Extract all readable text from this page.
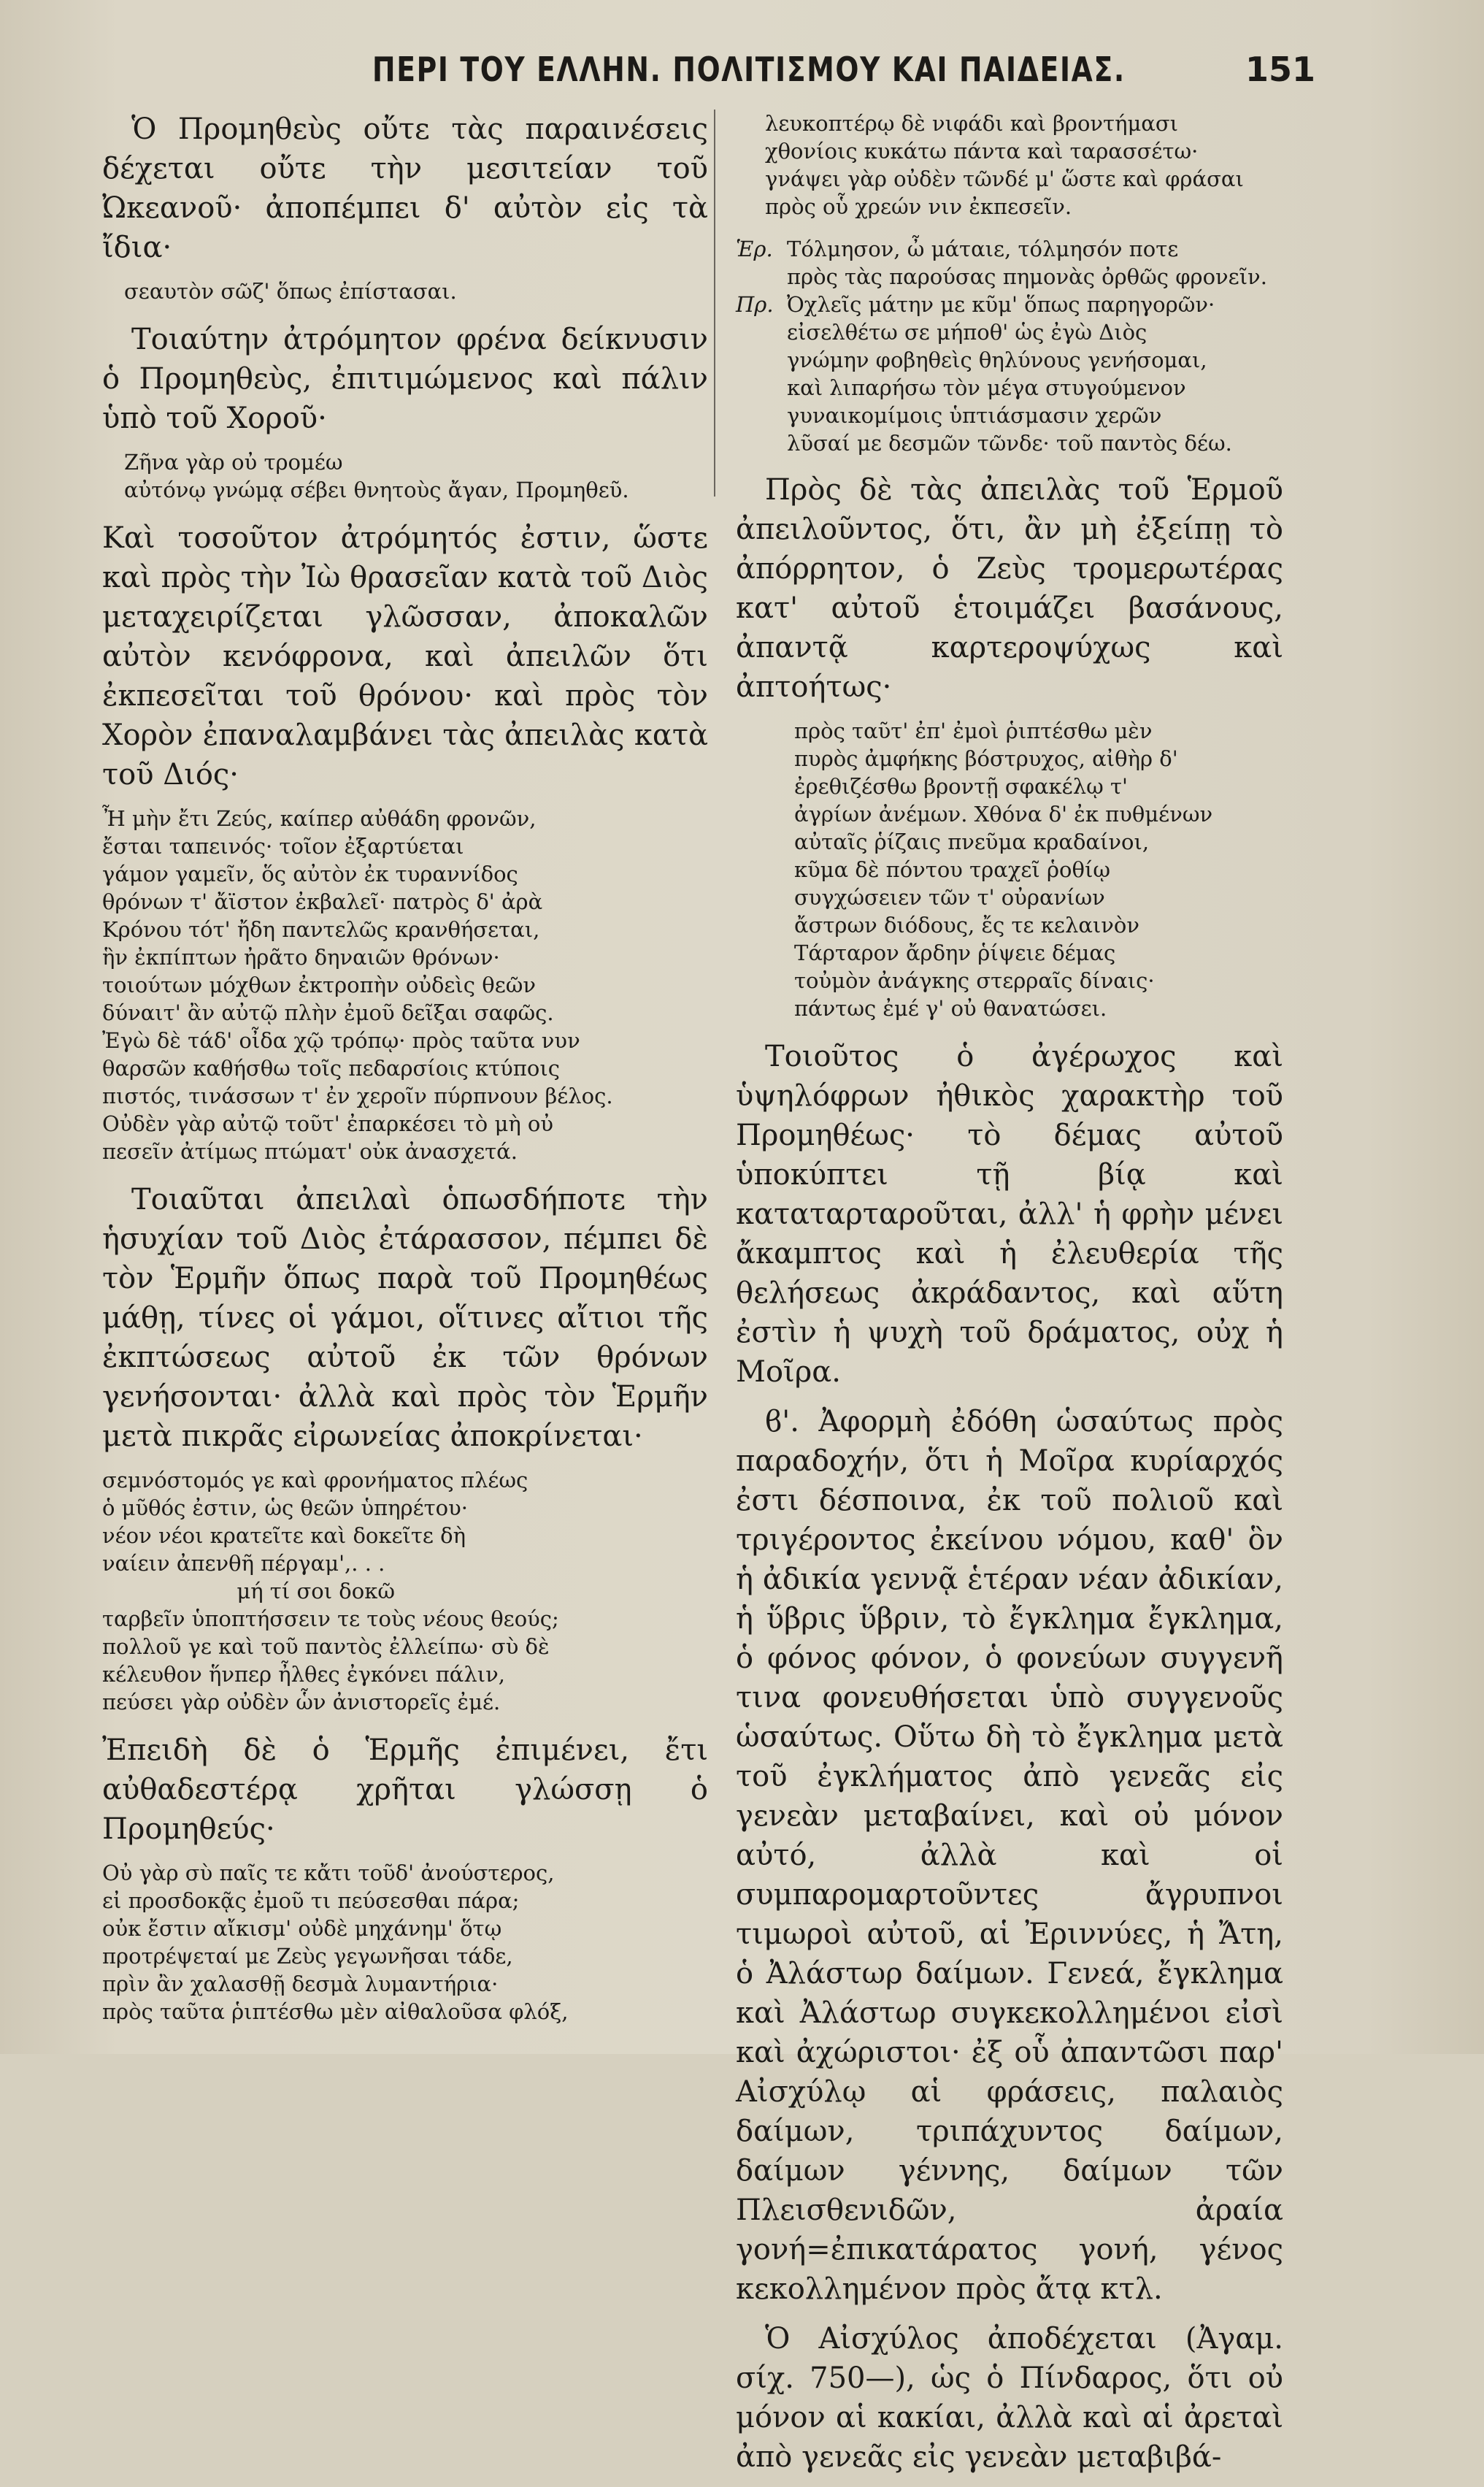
ΠΕΡΙ ΤΟΥ ΕΛΛΗΝ. ΠΟΛΙΤΙΣΜΟΥ ΚΑΙ ΠΑΙΔΕΙΑΣ.	151

Ὁ Προμηθεὺς οὔτε τὰς παραινέσεις δέχεται οὔτε τὴν μεσιτείαν τοῦ Ὠκεανοῦ· ἀποπέμπει δ' αὐτὸν εἰς τὰ ἴδια·

σεαυτὸν σῶζ' ὅπως ἐπίστασαι.

Τοιαύτην ἀτρόμητον φρένα δείκνυσιν ὁ Προμηθεὺς, ἐπιτιμώμενος καὶ πάλιν ὑπὸ τοῦ Χοροῦ·

Ζῆνα γὰρ οὐ τρομέω
αὐτόνῳ γνώμᾳ σέβει θνητοὺς ἄγαν, Προμηθεῦ.

Καὶ τοσοῦτον ἀτρόμητός ἐστιν, ὥστε καὶ πρὸς τὴν Ἰὼ θρασεῖαν κατὰ τοῦ Διὸς μεταχειρίζεται γλῶσσαν, ἀποκαλῶν αὐτὸν κενόφρονα, καὶ ἀπειλῶν ὅτι ἐκπεσεῖται τοῦ θρόνου· καὶ πρὸς τὸν Χορὸν ἐπαναλαμβάνει τὰς ἀπειλὰς κατὰ τοῦ Διός·

Ἦ μὴν ἔτι Ζεύς, καίπερ αὐθάδη φρονῶν,
ἔσται ταπεινός· τοῖον ἐξαρτύεται
γάμον γαμεῖν, ὅς αὐτὸν ἐκ τυραννίδος
θρόνων τ' ἄϊστον ἐκβαλεῖ· πατρὸς δ' ἀρὰ
Κρόνου τότ' ἤδη παντελῶς κρανθήσεται,
ἣν ἐκπίπτων ἠρᾶτο δηναιῶν θρόνων·
τοιούτων μόχθων ἐκτροπὴν οὐδεὶς θεῶν
δύναιτ' ἂν αὐτῷ πλὴν ἐμοῦ δεῖξαι σαφῶς.
Ἐγὼ δὲ τάδ' οἶδα χῷ τρόπῳ· πρὸς ταῦτα νυν
θαρσῶν καθήσθω τοῖς πεδαρσίοις κτύποις
πιστός, τινάσσων τ' ἐν χεροῖν πύρπνουν βέλος.
Οὐδὲν γὰρ αὐτῷ τοῦτ' ἐπαρκέσει τὸ μὴ οὐ
πεσεῖν ἀτίμως πτώματ' οὐκ ἀνασχετά.

Τοιαῦται ἀπειλαὶ ὁπωσδήποτε τὴν ἡσυχίαν τοῦ Διὸς ἐτάρασσον, πέμπει δὲ τὸν Ἑρμῆν ὅπως παρὰ τοῦ Προμηθέως μάθῃ, τίνες οἱ γάμοι, οἵτινες αἴτιοι τῆς ἐκπτώσεως αὐτοῦ ἐκ τῶν θρόνων γενήσονται· ἀλλὰ καὶ πρὸς τὸν Ἑρμῆν μετὰ πικρᾶς εἰρωνείας ἀποκρίνεται·

σεμνόστομός γε καὶ φρονήματος πλέως
ὁ μῦθός ἐστιν, ὡς θεῶν ὑπηρέτου·
νέον νέοι κρατεῖτε καὶ δοκεῖτε δὴ
ναίειν ἀπενθῆ πέργαμ',. . .
μή τί σοι δοκῶ
ταρβεῖν ὑποπτήσσειν τε τοὺς νέους θεούς;
πολλοῦ γε καὶ τοῦ παντὸς ἐλλείπω· σὺ δὲ
κέλευθον ἥνπερ ἦλθες ἐγκόνει πάλιν,
πεύσει γὰρ οὐδὲν ὧν ἀνιστορεῖς ἐμέ.

Ἐπειδὴ δὲ ὁ Ἑρμῆς ἐπιμένει, ἔτι αὐθαδεστέρᾳ χρῆται γλώσσῃ ὁ Προμηθεύς·

Οὐ γὰρ σὺ παῖς τε κἄτι τοῦδ' ἀνούστερος,
εἰ προσδοκᾷς ἐμοῦ τι πεύσεσθαι πάρα;
οὐκ ἔστιν αἴκισμ' οὐδὲ μηχάνημ' ὅτῳ
προτρέψεταί με Ζεὺς γεγωνῆσαι τάδε,
πρὶν ἂν χαλασθῇ δεσμὰ λυμαντήρια·
πρὸς ταῦτα ῥιπτέσθω μὲν αἰθαλοῦσα φλόξ,
λευκοπτέρῳ δὲ νιφάδι καὶ βροντήμασι
χθονίοις κυκάτω πάντα καὶ ταρασσέτω·
γνάψει γὰρ οὐδὲν τῶνδέ μ' ὥστε καὶ φράσαι
πρὸς οὗ χρεών νιν ἐκπεσεῖν.
Ἑρ. Τόλμησον, ὦ μάταιε, τόλμησόν ποτε
πρὸς τὰς παρούσας πημονὰς ὀρθῶς φρονεῖν.
Πρ. Ὀχλεῖς μάτην με κῦμ' ὅπως παρηγορῶν·
εἰσελθέτω σε μήποθ' ὡς ἐγὼ Διὸς
γνώμην φοβηθεὶς θηλύνους γενήσομαι,
καὶ λιπαρήσω τὸν μέγα στυγούμενον
γυναικομίμοις ὑπτιάσμασιν χερῶν
λῦσαί με δεσμῶν τῶνδε· τοῦ παντὸς δέω.

Πρὸς δὲ τὰς ἀπειλὰς τοῦ Ἑρμοῦ ἀπειλοῦντος, ὅτι, ἂν μὴ ἐξείπῃ τὸ ἀπόρρητον, ὁ Ζεὺς τρομερωτέρας κατ' αὐτοῦ ἑτοιμάζει βασάνους, ἀπαντᾷ καρτεροψύχως καὶ ἀπτοήτως·

πρὸς ταῦτ' ἐπ' ἐμοὶ ῥιπτέσθω μὲν
πυρὸς ἀμφήκης βόστρυχος, αἰθὴρ δ'
ἐρεθιζέσθω βροντῇ σφακέλῳ τ'
ἀγρίων ἀνέμων. Χθόνα δ' ἐκ πυθμένων
αὐταῖς ῥίζαις πνεῦμα κραδαίνοι,
κῦμα δὲ πόντου τραχεῖ ῥοθίῳ
συγχώσειεν τῶν τ' οὐρανίων
ἄστρων διόδους, ἔς τε κελαινὸν
Τάρταρον ἄρδην ῥίψειε δέμας
τοὐμὸν ἀνάγκης στερραῖς δίναις·
πάντως ἐμέ γ' οὐ θανατώσει.

Τοιοῦτος ὁ ἀγέρωχος καὶ ὑψηλόφρων ἠθικὸς χαρακτὴρ τοῦ Προμηθέως· τὸ δέμας αὐτοῦ ὑποκύπτει τῇ βίᾳ καὶ καταταρταροῦται, ἀλλ' ἡ φρὴν μένει ἄκαμπτος καὶ ἡ ἐλευθερία τῆς θελήσεως ἀκράδαντος, καὶ αὕτη ἐστὶν ἡ ψυχὴ τοῦ δράματος, οὐχ ἡ Μοῖρα.

ϐ'. Ἀφορμὴ ἐδόθη ὡσαύτως πρὸς παραδοχήν, ὅτι ἡ Μοῖρα κυρίαρχός ἐστι δέσποινα, ἐκ τοῦ πολιοῦ καὶ τριγέροντος ἐκείνου νόμου, καθ' ὃν ἡ ἀδικία γεννᾷ ἑτέραν νέαν ἀδικίαν, ἡ ὕβρις ὕβριν, τὸ ἔγκλημα ἔγκλημα, ὁ φόνος φόνον, ὁ φονεύων συγγενῆ τινα φονευθήσεται ὑπὸ συγγενοῦς ὡσαύτως. Οὕτω δὴ τὸ ἔγκλημα μετὰ τοῦ ἐγκλήματος ἀπὸ γενεᾶς εἰς γενεὰν μεταβαίνει, καὶ οὐ μόνον αὐτό, ἀλλὰ καὶ οἱ συμπαρομαρτοῦντες ἄγρυπνοι τιμωροὶ αὐτοῦ, αἱ Ἐριννύες, ἡ Ἄτη, ὁ Ἀλάστωρ δαίμων. Γενεά, ἔγκλημα καὶ Ἀλάστωρ συγκεκολλημένοι εἰσὶ καὶ ἀχώριστοι· ἐξ οὗ ἀπαντῶσι παρ' Αἰσχύλῳ αἱ φράσεις, παλαιὸς δαίμων, τριπάχυντος δαίμων, δαίμων γέννης, δαίμων τῶν Πλεισθενιδῶν, ἀραία γονή=ἐπικατάρατος γονή, γένος κεκολλημένον πρὸς ἄτᾳ κτλ.

Ὁ Αἰσχύλος ἀποδέχεται (Ἀγαμ. σίχ. 750—), ὡς ὁ Πίνδαρος, ὅτι οὐ μόνον αἱ κακίαι, ἀλλὰ καὶ αἱ ἀρεταὶ ἀπὸ γενεᾶς εἰς γενεὰν μεταβιβά-
